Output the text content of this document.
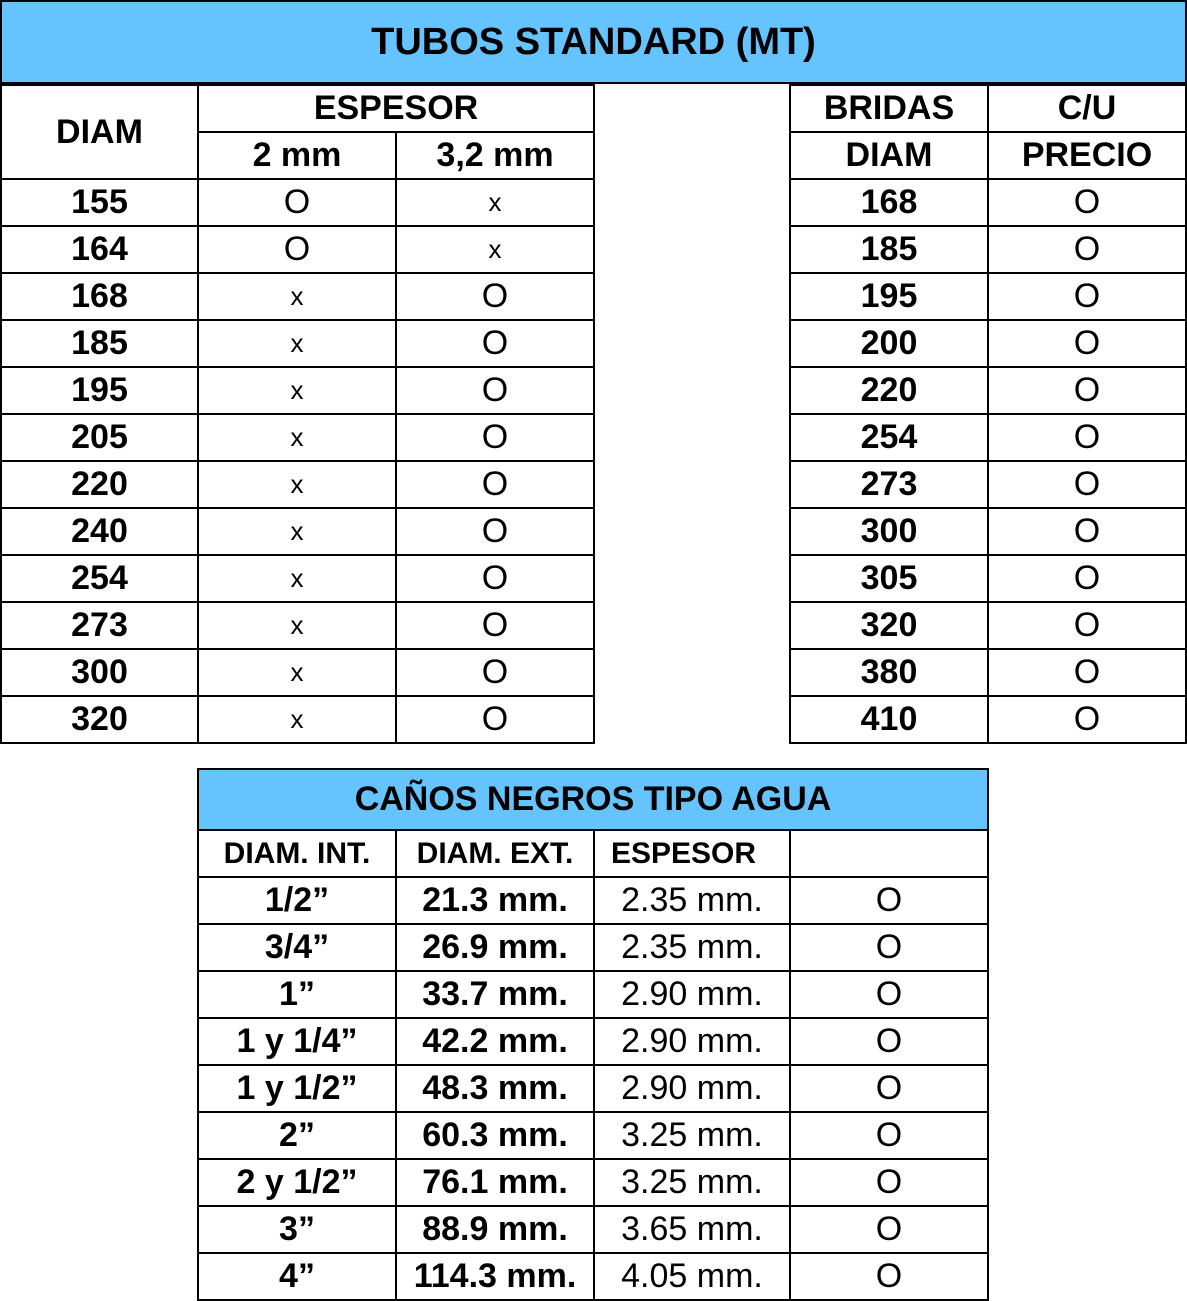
TUBOS STANDARD (MT)
DIAM	ESPESOR	
	2 mm	3,2 mm
155	O	x
164	O	x
168	x	O
185	x	O
195	x	O
205	x	O
220	x	O
240	x	O
254	x	O
273	x	O
300	x	O
320	x	O
BRIDAS	C/U
DIAM	PRECIO
168	O
185	O
195	O
200	O
220	O
254	O
273	O
300	O
305	O
320	O
380	O
410	O
CAÑOS NEGROS TIPO AGUA			
DIAM. INT.	DIAM. EXT.	ESPESOR	
1/2”	21.3 mm.	2.35 mm.	O
3/4”	26.9 mm.	2.35 mm.	O
1”	33.7 mm.	2.90 mm.	O
1 y 1/4”	42.2 mm.	2.90 mm.	O
1 y 1/2”	48.3 mm.	2.90 mm.	O
2”	60.3 mm.	3.25 mm.	O
2 y 1/2”	76.1 mm.	3.25 mm.	O
3”	88.9 mm.	3.65 mm.	O
4”	114.3 mm.	4.05 mm.	O
